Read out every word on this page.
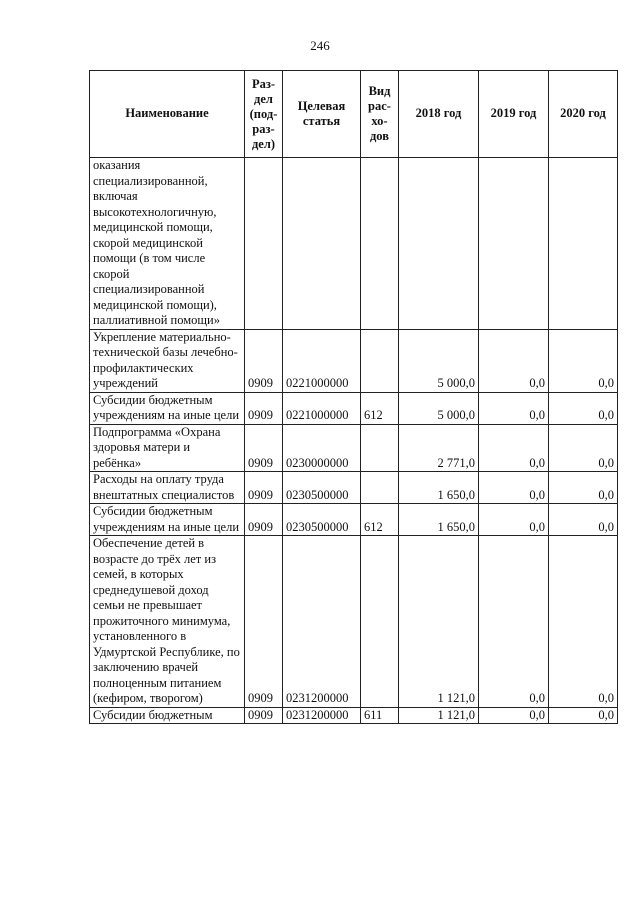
246
Наименование	Раз-
дел
(под-
раз-
дел)	Целевая
статья	Вид
рас-
хо-
дов	2018 год	2019 год	2020 год
оказания специализированной, включая высокотехнологичную, медицинской помощи, скорой медицинской помощи (в том числе скорой специализированной медицинской помощи), паллиативной помощи»						
Укрепление материально-технической базы лечебно-профилактических учреждений	0909	0221000000		5 000,0	0,0	0,0
Субсидии бюджетным учреждениям на иные цели	0909	0221000000	612	5 000,0	0,0	0,0
Подпрограмма «Охрана здоровья матери и ребёнка»	0909	0230000000		2 771,0	0,0	0,0
Расходы на оплату труда внештатных специалистов	0909	0230500000		1 650,0	0,0	0,0
Субсидии бюджетным учреждениям на иные цели	0909	0230500000	612	1 650,0	0,0	0,0
Обеспечение детей в возрасте до трёх лет из семей, в которых среднедушевой доход семьи не превышает прожиточного минимума, установленного в Удмуртской Республике, по заключению врачей полноценным питанием (кефиром, творогом)	0909	0231200000		1 121,0	0,0	0,0
Субсидии бюджетным	0909	0231200000	611	1 121,0	0,0	0,0
